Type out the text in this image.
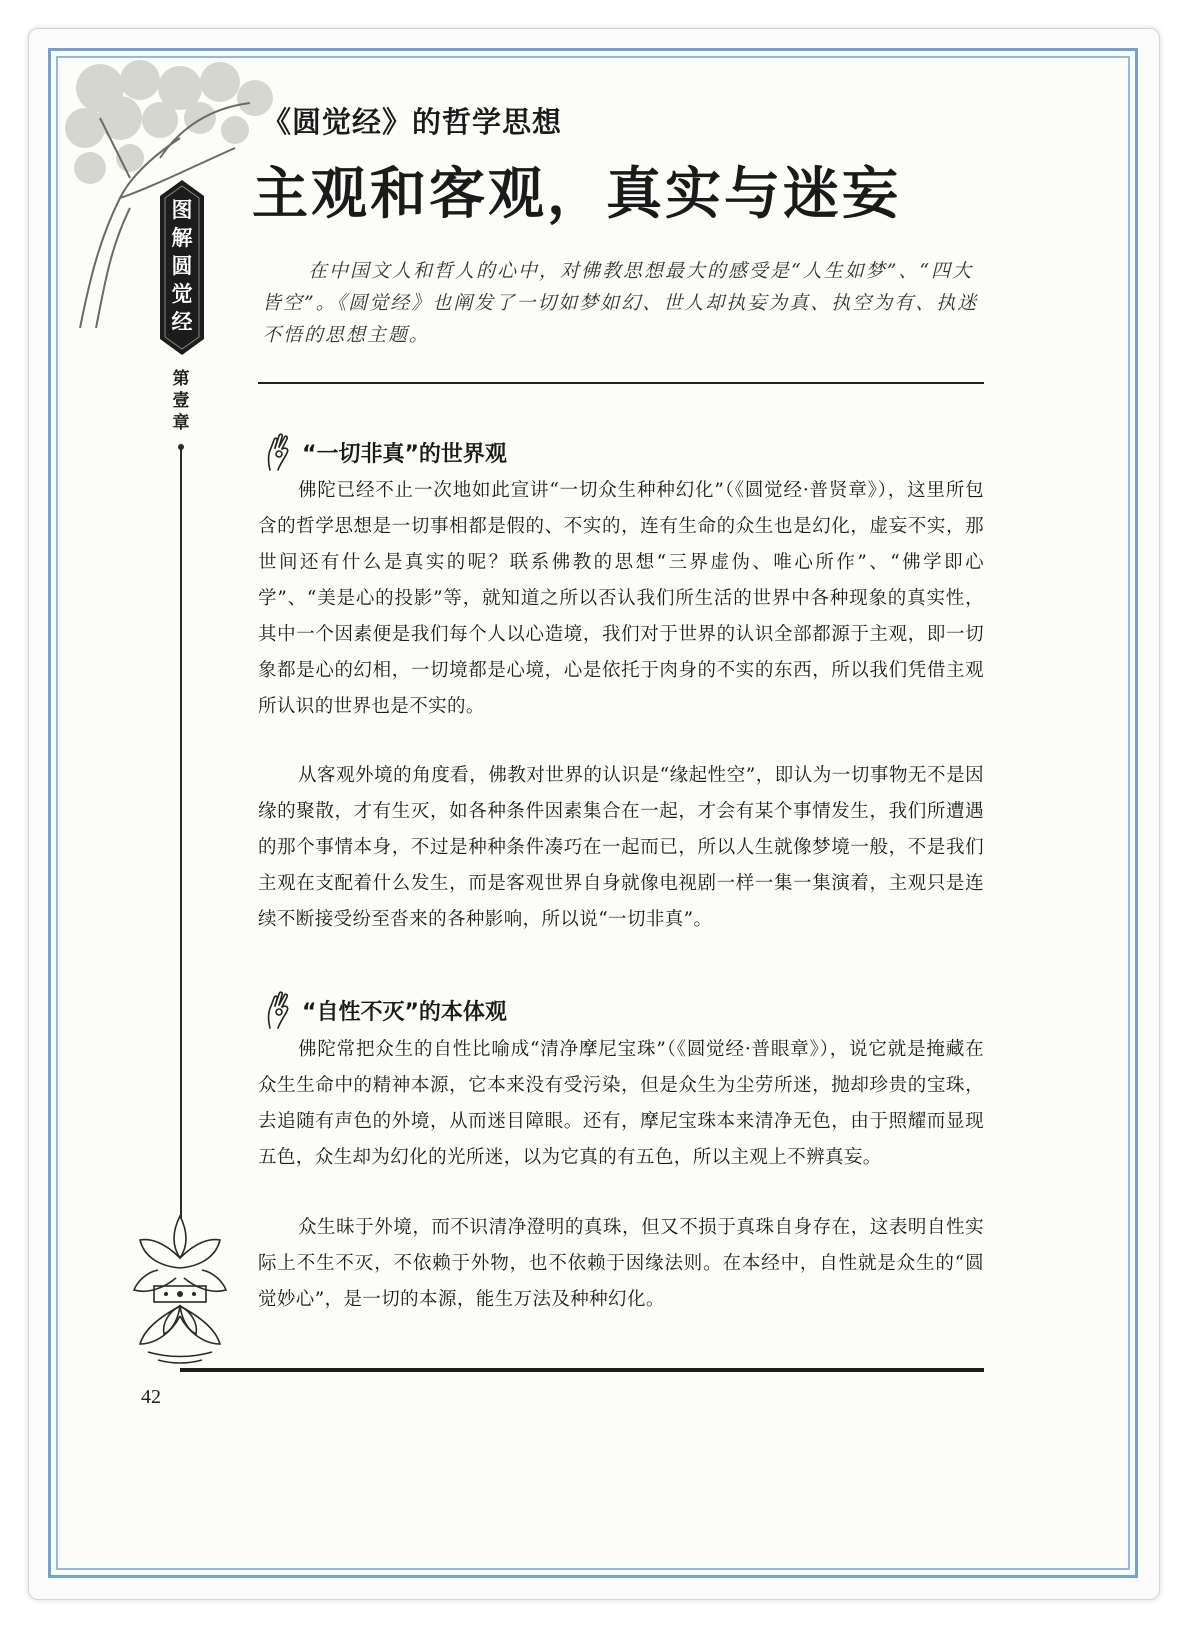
图
解
圆
觉
经
第
壹
章
《圆觉经》的哲学思想
主观和客观，真实与迷妄

在中国文人和哲人的心中，对佛教思想最大的感受是“人生如梦”、“四大皆空”。《圆觉经》也阐发了一切如梦如幻、世人却执妄为真、执空为有、执迷不悟的思想主题。

“一切非真”的世界观

佛陀已经不止一次地如此宣讲“一切众生种种幻化”（《圆觉经·普贤章》），这里所包含的哲学思想是一切事相都是假的、不实的，连有生命的众生也是幻化，虚妄不实，那世间还有什么是真实的呢？联系佛教的思想“三界虚伪、唯心所作”、“佛学即心学”、“美是心的投影”等，就知道之所以否认我们所生活的世界中各种现象的真实性，其中一个因素便是我们每个人以心造境，我们对于世界的认识全部都源于主观，即一切象都是心的幻相，一切境都是心境，心是依托于肉身的不实的东西，所以我们凭借主观所认识的世界也是不实的。

从客观外境的角度看，佛教对世界的认识是“缘起性空”，即认为一切事物无不是因缘的聚散，才有生灭，如各种条件因素集合在一起，才会有某个事情发生，我们所遭遇的那个事情本身，不过是种种条件凑巧在一起而已，所以人生就像梦境一般，不是我们主观在支配着什么发生，而是客观世界自身就像电视剧一样一集一集演着，主观只是连续不断接受纷至沓来的各种影响，所以说“一切非真”。

“自性不灭”的本体观

佛陀常把众生的自性比喻成“清净摩尼宝珠”（《圆觉经·普眼章》），说它就是掩藏在众生生命中的精神本源，它本来没有受污染，但是众生为尘劳所迷，抛却珍贵的宝珠，去追随有声色的外境，从而迷目障眼。还有，摩尼宝珠本来清净无色，由于照耀而显现五色，众生却为幻化的光所迷，以为它真的有五色，所以主观上不辨真妄。

众生昧于外境，而不识清净澄明的真珠，但又不损于真珠自身存在，这表明自性实际上不生不灭，不依赖于外物，也不依赖于因缘法则。在本经中，自性就是众生的“圆觉妙心”，是一切的本源，能生万法及种种幻化。

42
